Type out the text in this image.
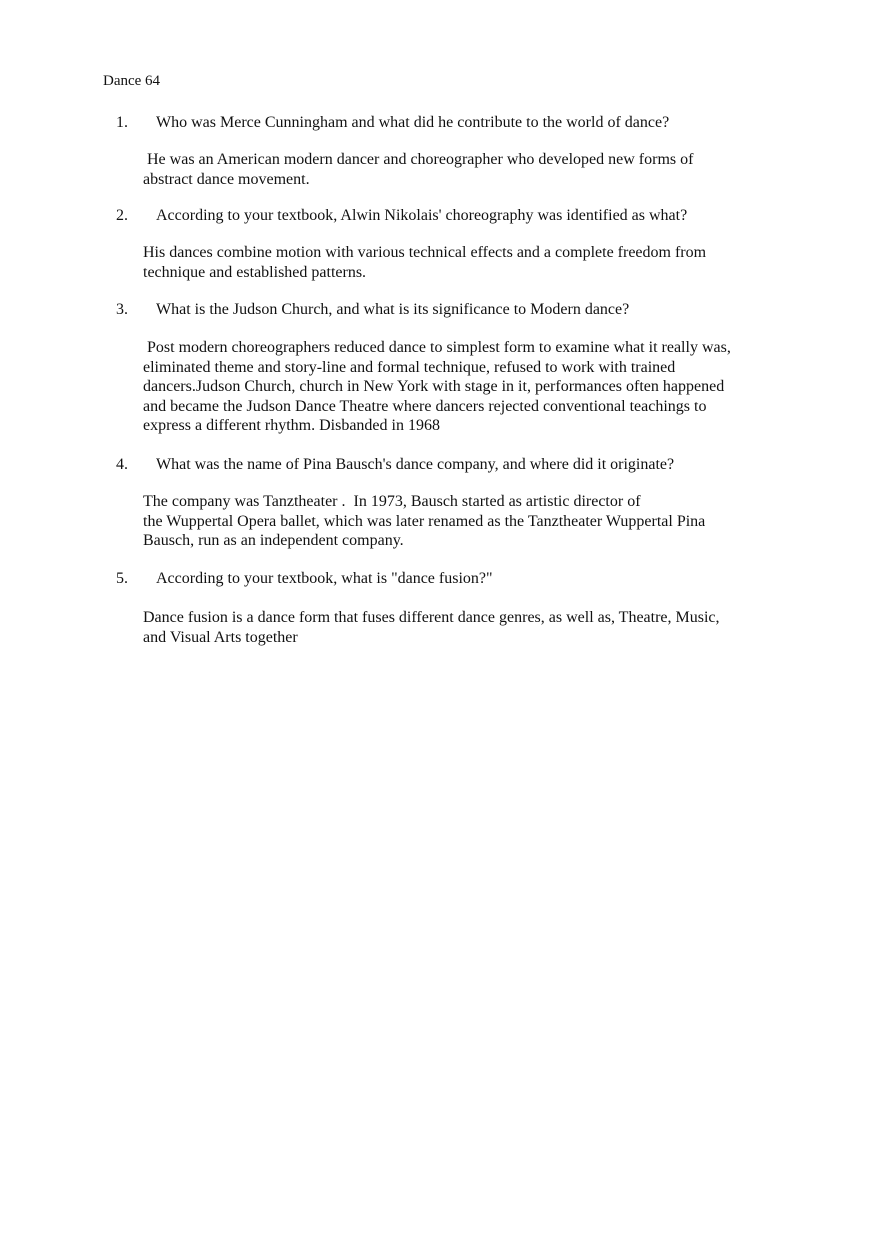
Dance 64
1. Who was Merce Cunningham and what did he contribute to the world of dance?
He was an American modern dancer and choreographer who developed new forms of
abstract dance movement.
2. According to your textbook, Alwin Nikolais' choreography was identified as what?
His dances combine motion with various technical effects and a complete freedom from
technique and established patterns.
3. What is the Judson Church, and what is its significance to Modern dance?
Post modern choreographers reduced dance to simplest form to examine what it really was,
eliminated theme and story-line and formal technique, refused to work with trained
dancers.Judson Church, church in New York with stage in it, performances often happened
and became the Judson Dance Theatre where dancers rejected conventional teachings to
express a different rhythm. Disbanded in 1968
4. What was the name of Pina Bausch's dance company, and where did it originate?
The company was Tanztheater .  In 1973, Bausch started as artistic director of
the Wuppertal Opera ballet, which was later renamed as the Tanztheater Wuppertal Pina
Bausch, run as an independent company.
5. According to your textbook, what is "dance fusion?"
Dance fusion is a dance form that fuses different dance genres, as well as, Theatre, Music,
and Visual Arts together
